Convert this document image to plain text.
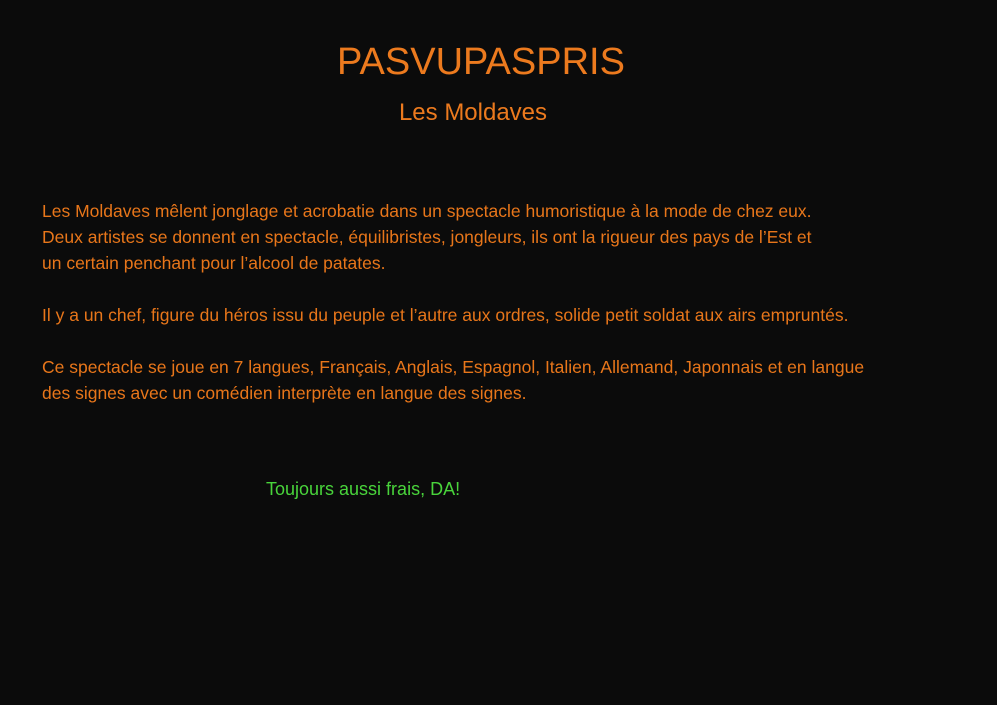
PASVUPASPRIS
Les Moldaves

Les Moldaves mêlent jonglage et acrobatie dans un spectacle humoristique à la mode de chez eux.
Deux artistes se donnent en spectacle, équilibristes, jongleurs, ils ont la rigueur des pays de l’Est et
un certain penchant pour l’alcool de patates.

Il y a un chef, figure du héros issu du peuple et l’autre aux ordres, solide petit soldat aux airs empruntés.

Ce spectacle se joue en 7 langues, Français, Anglais, Espagnol, Italien, Allemand, Japonnais et en langue
des signes avec un comédien interprète en langue des signes.

Toujours aussi frais, DA!
